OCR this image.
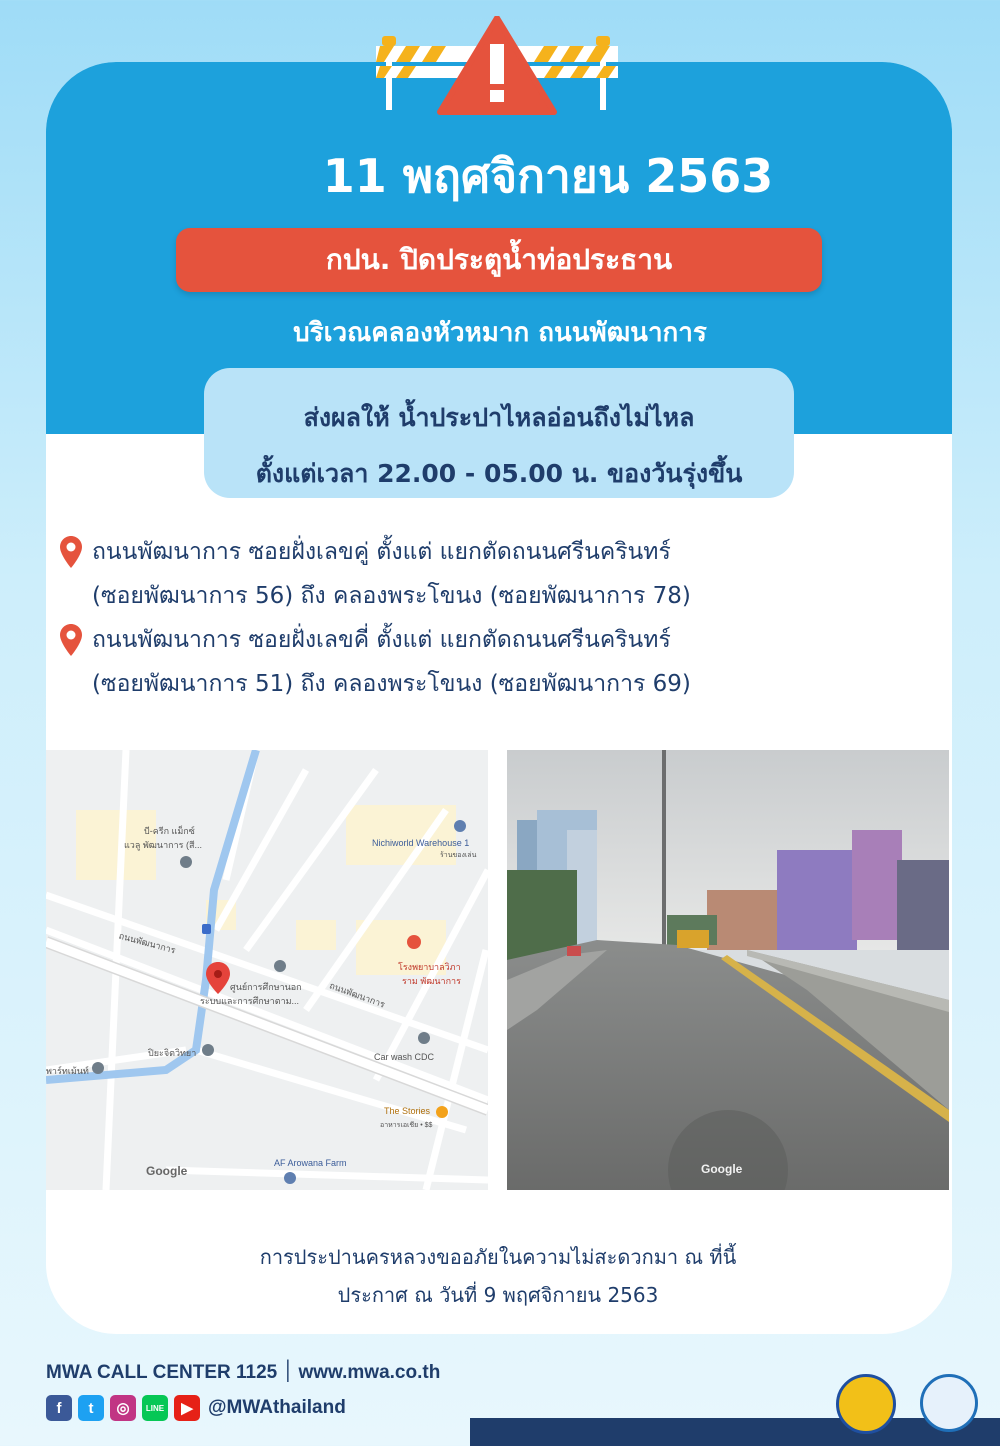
11 พฤศจิกายน 2563
กปน. ปิดประตูน้ำท่อประธาน
บริเวณคลองหัวหมาก ถนนพัฒนาการ
ส่งผลให้ น้ำประปาไหลอ่อนถึงไม่ไหล
ตั้งแต่เวลา 22.00 - 05.00 น. ของวันรุ่งขึ้น
ถนนพัฒนาการ ซอยฝั่งเลขคู่ ตั้งแต่ แยกตัดถนนศรีนครินทร์
(ซอยพัฒนาการ 56) ถึง คลองพระโขนง (ซอยพัฒนาการ 78)
ถนนพัฒนาการ ซอยฝั่งเลขคี่ ตั้งแต่ แยกตัดถนนศรีนครินทร์
(ซอยพัฒนาการ 51) ถึง คลองพระโขนง (ซอยพัฒนาการ 69)
บี-ครีก แม็กซ์
แวลู พัฒนาการ (สี...	Nichiworld Warehouse 1
ร้านของเล่น
ถนนพัฒนาการ
ถนนพัฒนาการ
โรงพยาบาลวิภา
ราม พัฒนาการ
ศูนย์การศึกษานอก
ระบบและการศึกษาตาม...
ปิยะจิตวิทยา	Car wash CDC
พาร์ทเม้นท์
The Stories
อาหารเอเชีย • $$
AF Arowana Farm
Google	Google
การประปานครหลวงขออภัยในความไม่สะดวกมา ณ ที่นี้
ประกาศ ณ วันที่ 9 พฤศจิกายน 2563
MWA CALL CENTER 1125 ׀ www.mwa.co.th
f	t	◎	LINE	▶ @MWAthailand
